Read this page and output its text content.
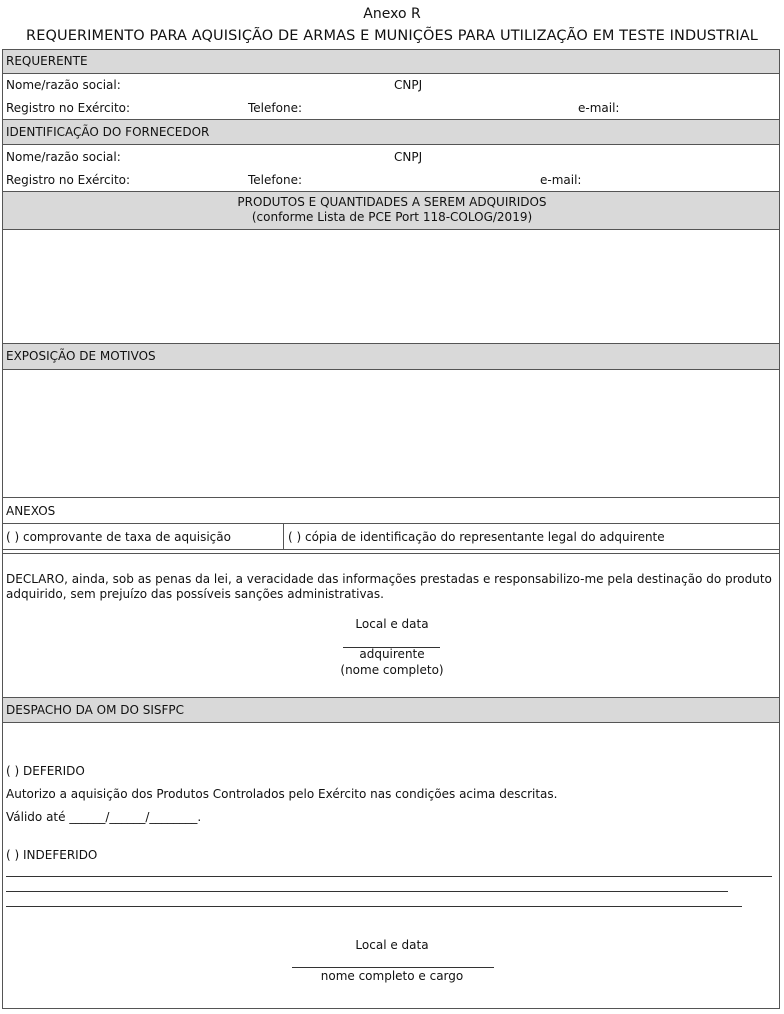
Anexo R
REQUERIMENTO PARA AQUISIÇÃO DE ARMAS E MUNIÇÕES PARA UTILIZAÇÃO EM TESTE INDUSTRIAL
REQUERENTE
Nome/razão social:	CNPJ
Registro no Exército:	Telefone:	e-mail:
IDENTIFICAÇÃO DO FORNECEDOR
Nome/razão social:	CNPJ
Registro no Exército:	Telefone:	e-mail:
PRODUTOS E QUANTIDADES A SEREM ADQUIRIDOS
(conforme Lista de PCE Port 118-COLOG/2019)
EXPOSIÇÃO DE MOTIVOS
ANEXOS
( ) comprovante de taxa de aquisição	( ) cópia de identificação do representante legal do adquirente
DECLARO, ainda, sob as penas da lei, a veracidade das informações prestadas e responsabilizo-me pela destinação do produto
adquirido, sem prejuízo das possíveis sanções administrativas.
Local e data
adquirente
(nome completo)
DESPACHO DA OM DO SISFPC
( ) DEFERIDO
Autorizo a aquisição dos Produtos Controlados pelo Exército nas condições acima descritas.
Válido até ______/______/________.
( ) INDEFERIDO
Local e data
nome completo e cargo
